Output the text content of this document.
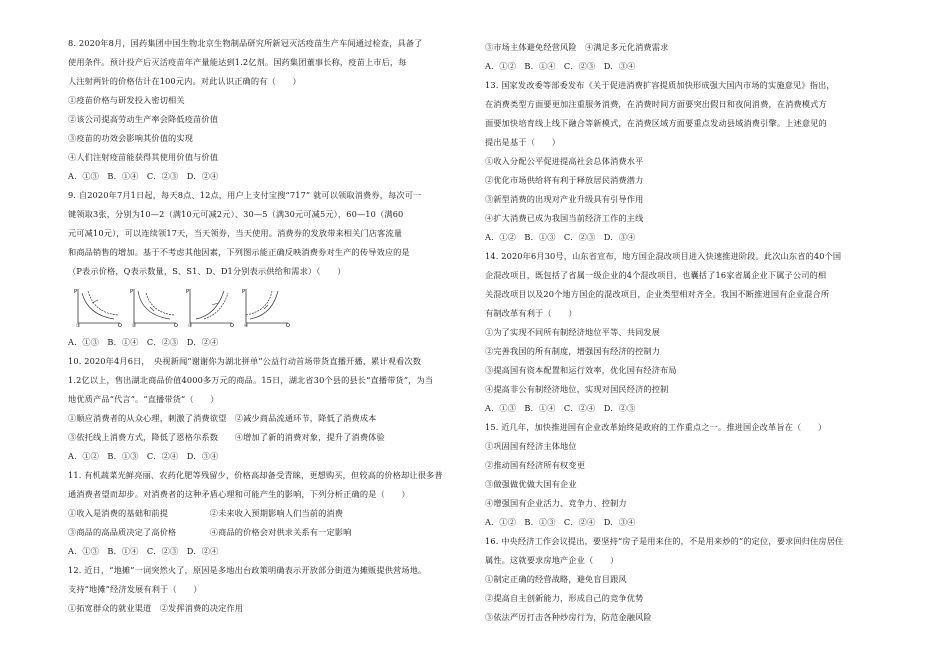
8. 2020年8月，国药集团中国生物北京生物制品研究所新冠灭活疫苗生产车间通过检查，具备了
使用条件。预计投产后灭活疫苗年产量能达到1.2亿剂。国药集团董事长称，疫苗上市后，每
人注射两针的价格估计在100元内。对此认识正确的有（　　）
①疫苗价格与研发投入密切相关
②该公司提高劳动生产率会降低疫苗价值
③疫苗的功效会影响其价值的实现
④人们注射疫苗能获得其使用价值与价值
A．①③　B．①④　C．②③　D．②④
9. 自2020年7月1日起，每天8点、12点，用户上支付宝搜“717” 就可以领取消费券，每次可一
键领取3张，分别为10—2（满10元可减2元）、30—5（满30元可减5元），60—10（满60
元可减10元），可以连续领17天，当天领券，当天使用。消费券的发放带来相关门店客流量
和商品销售的增加。基于不考虑其他因素，下列图示能正确反映消费券对生产的传导效应的是
（P表示价格，Q表示数量，S、S1、D、D1分别表示供给和需求）（　　）
P
Q
①
P
Q
②
P
Q
③
P
Q
④
A．①③　B．①④　C．②③　D．②④
10. 2020年4月6日，　央视新闻“谢谢你为湖北拼单”公益行动首场带货直播开播，累计观看次数
1.2亿以上，售出湖北商品价值4000多万元的商品。15日，湖北省30个县的县长“直播带货”，为当
地优质产品“代言”。“直播带货”（　　）
①顺应消费者的从众心理，刺激了消费欲望　②减少商品流通环节，降低了消费成本
③依托线上消费方式，降低了恩格尔系数　　④增加了新的消费对象，提升了消费体验
A．①②　B．①③　C．②④　D．③④
11. 有机蔬菜光鲜亮丽、农药化肥等残留少，价格高却备受青睐，更想购买，但较高的价格却让很多普
通消费者望而却步。对消费者的这种矛盾心理和可能产生的影响，下列分析正确的是（　　）
①收入是消费的基础和前提　　　　　②未来收入预期影响人们当前的消费
③商品的高品质决定了高价格　　　　④商品的价格会对供求关系有一定影响
A．①③　B．①④　C．②③　D．②④
12. 近日，“地摊”一词突然火了，原因是多地出台政策明确表示开放部分街道为摊贩提供营场地。
支持“地摊”经济发展有利于（　　）
①拓宽群众的就业渠道　②发挥消费的决定作用
③市场主体避免经营风险　④满足多元化消费需求
A．①②　B．①④　C．②③　D．③④
13. 国家发改委等部委发布《关于促进消费扩容提质加快形成强大国内市场的实施意见》指出，
在消费类型方面要更加注重服务消费，在消费时间方面要突出假日和夜间消费，在消费模式方
面要加快培育线上线下融合等新模式，在消费区域方面要重点发动县域消费引擎。上述意见的
提出是基于（　　）
①收入分配公平促进提高社会总体消费水平
②优化市场供给将有利于释放居民消费潜力
③新型消费的出现对产业升级具有引导作用
④扩大消费已成为我国当前经济工作的主线
A．①②　B．①③　C．②③　D．③④
14. 2020年6月30号，山东省宣布，地方国企混改项目进入快速推进阶段。此次山东省的40个国
企混改项目，既包括了省属一级企业的4个混改项目，也囊括了16家省属企业下属子公司的相
关混改项目以及20个地方国企的混改项目，企业类型相对齐全。我国不断推进国有企业混合所
有制改革有利于（　　）
①为了实现不同所有制经济地位平等、共同发展
②完善我国的所有制度，增强国有经济的控制力
③提高国有资本配置和运行效率，优化国有经济布局
④提高非公有制经济地位，实现对国民经济的控制
A．①③　B．①④　C．②④　D．②③
15. 近几年，加快推进国有企业改革始终是政府的工作重点之一。推进国企改革旨在（　　）
①巩固国有经济主体地位
②推动国有经济所有权变更
③做强做优做大国有企业
④增强国有企业活力、竞争力、控制力
A．①②　B．①③　C．②④　D．③④
16. 中央经济工作会议提出，要坚持“房子是用来住的，不是用来炒的”的定位，要求回归住房居住
属性。这就要求房地产企业（　　）
①制定正确的经营战略，避免盲目跟风
②提高自主创新能力，形成自己的竞争优势
③依法严厉打击各种炒房行为，防范金融风险
